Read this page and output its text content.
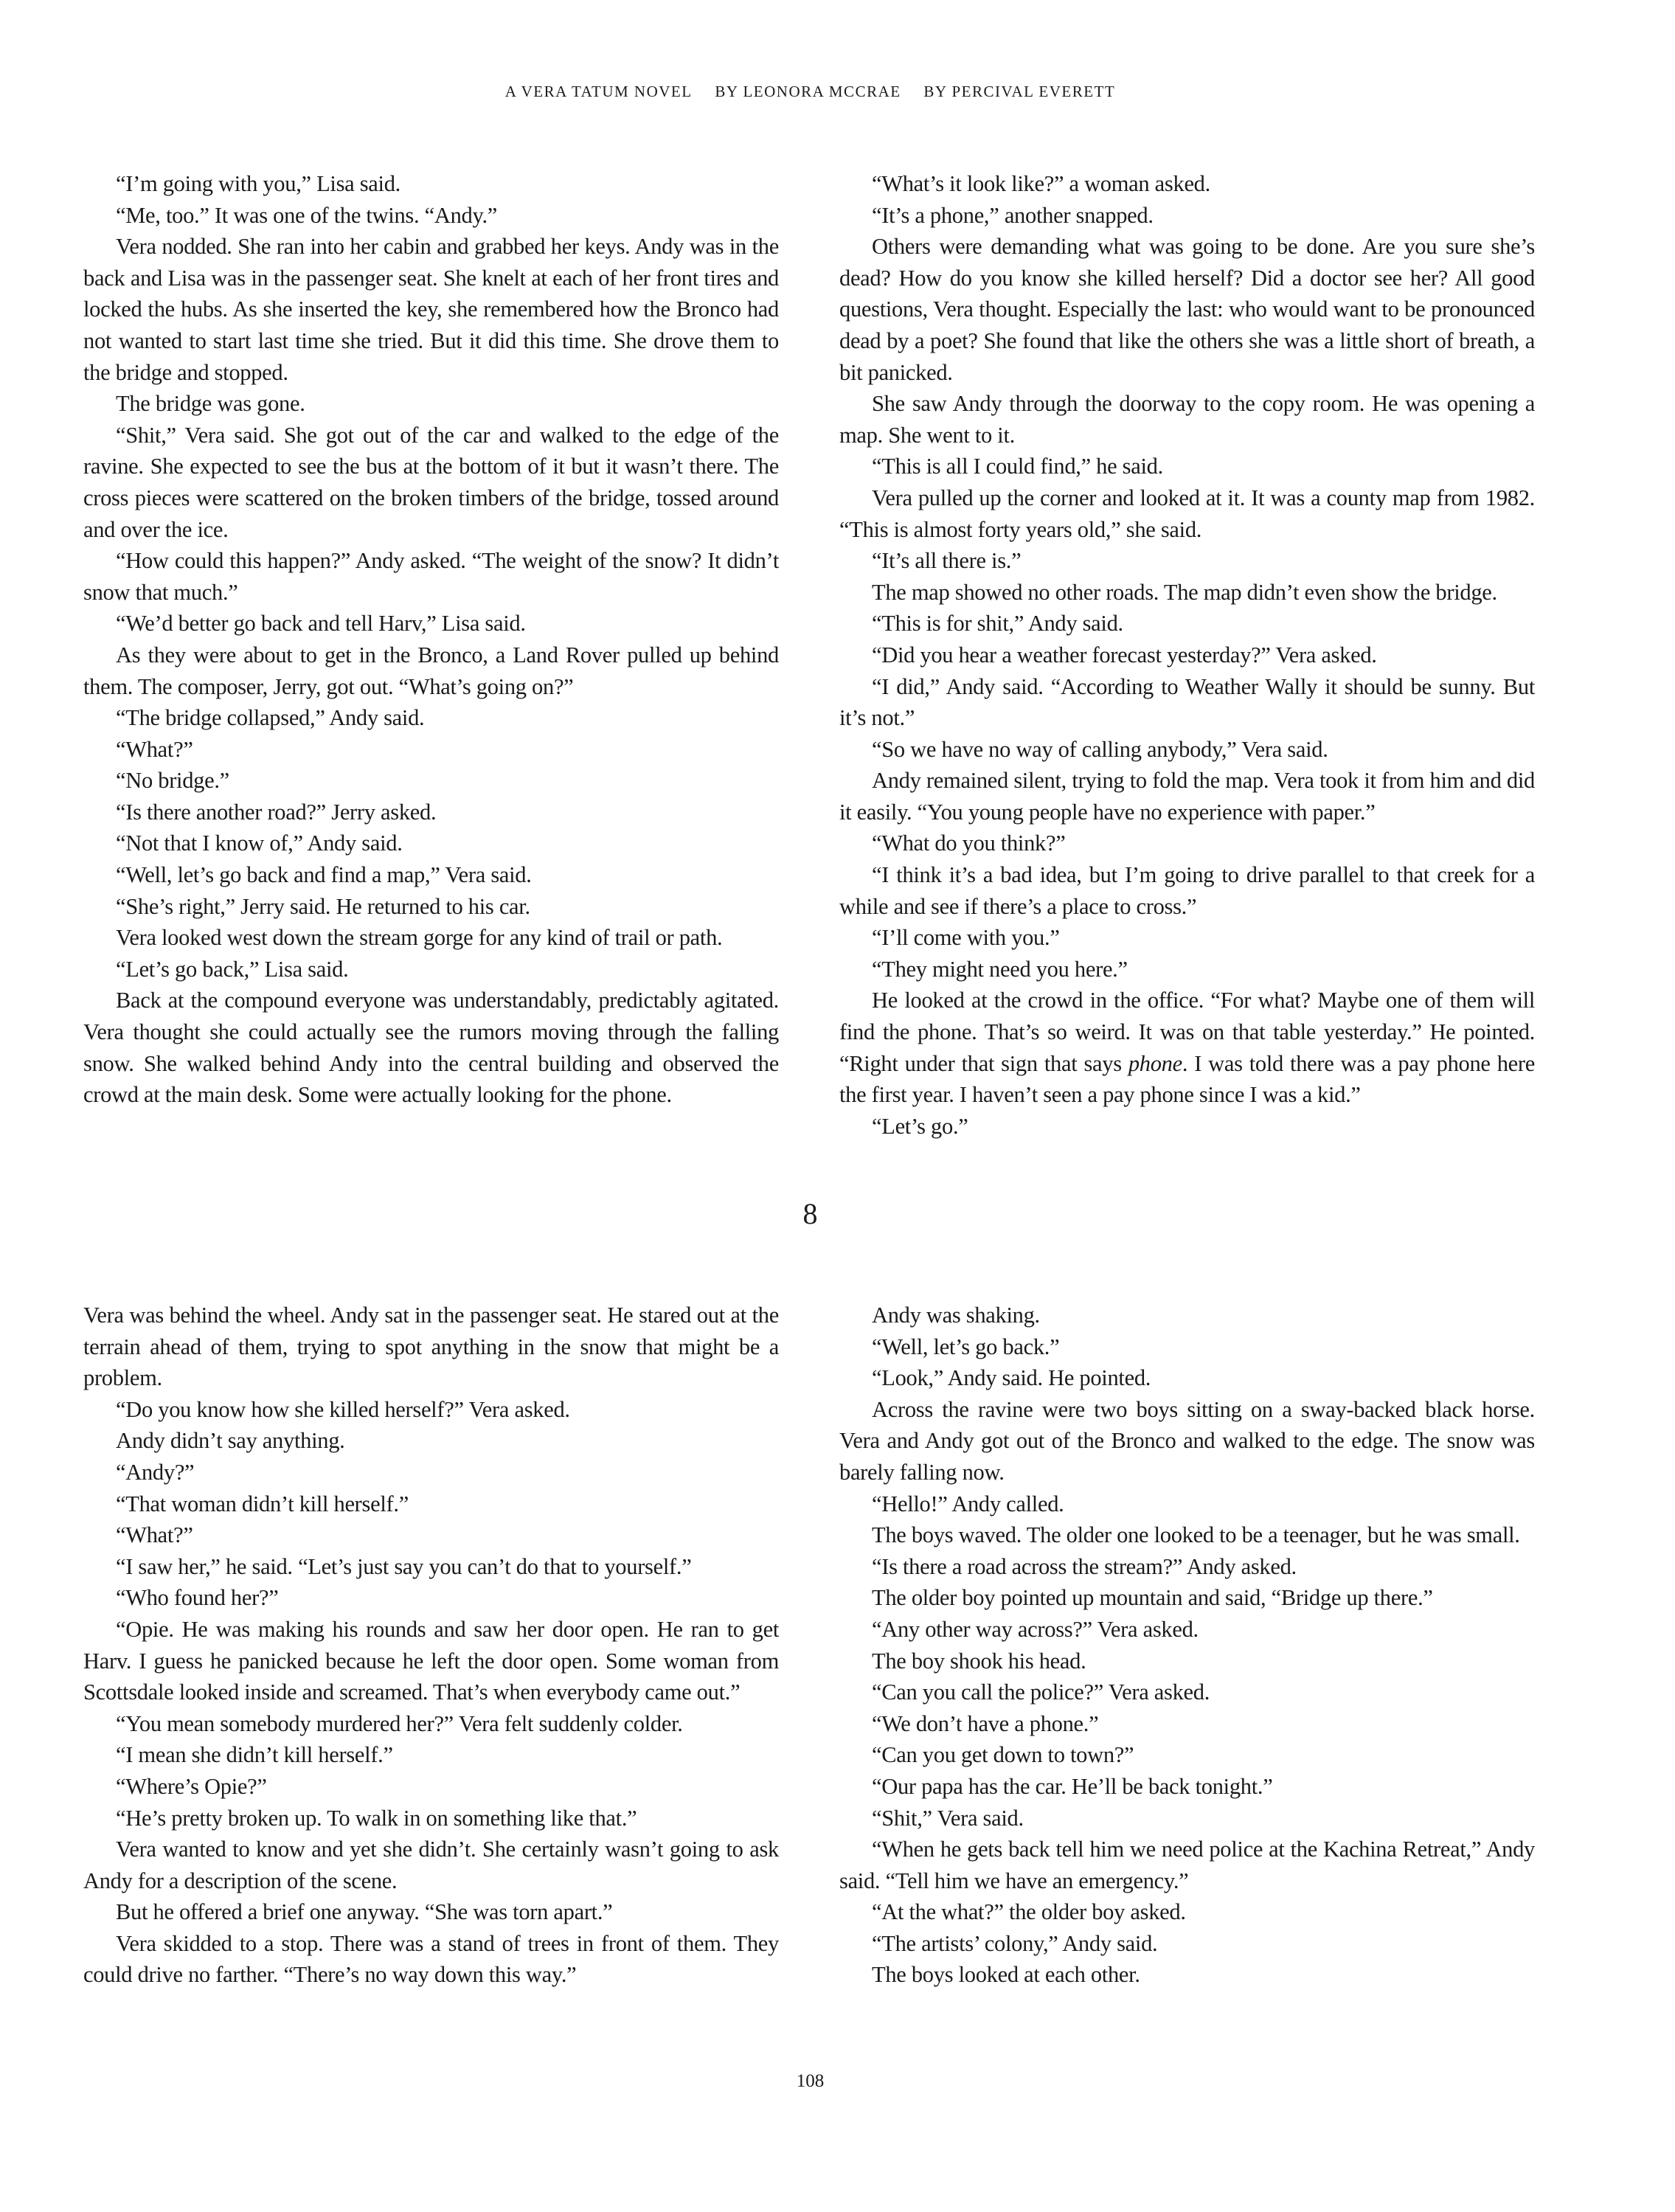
A VERA TATUM NOVEL BY LEONORA MCCRAE BY PERCIVAL EVERETT

“I’m going with you,” Lisa said.

“Me, too.” It was one of the twins. “Andy.”

Vera nodded. She ran into her cabin and grabbed her keys. Andy was in the back and Lisa was in the passenger seat. She knelt at each of her front tires and locked the hubs. As she inserted the key, she remembered how the Bronco had not wanted to start last time she tried. But it did this time. She drove them to the bridge and stopped.

The bridge was gone.

“Shit,” Vera said. She got out of the car and walked to the edge of the ravine. She expected to see the bus at the bottom of it but it wasn’t there. The cross pieces were scattered on the broken timbers of the bridge, tossed around and over the ice.

“How could this happen?” Andy asked. “The weight of the snow? It didn’t snow that much.”

“We’d better go back and tell Harv,” Lisa said.

As they were about to get in the Bronco, a Land Rover pulled up behind them. The composer, Jerry, got out. “What’s going on?”

“The bridge collapsed,” Andy said.

“What?”

“No bridge.”

“Is there another road?” Jerry asked.

“Not that I know of,” Andy said.

“Well, let’s go back and find a map,” Vera said.

“She’s right,” Jerry said. He returned to his car.

Vera looked west down the stream gorge for any kind of trail or path.

“Let’s go back,” Lisa said.

Back at the compound everyone was understandably, predictably agitated. Vera thought she could actually see the rumors moving through the falling snow. She walked behind Andy into the central building and observed the crowd at the main desk. Some were actually looking for the phone.

“What’s it look like?” a woman asked.

“It’s a phone,” another snapped.

Others were demanding what was going to be done. Are you sure she’s dead? How do you know she killed herself? Did a doctor see her? All good questions, Vera thought. Especially the last: who would want to be pronounced dead by a poet? She found that like the others she was a little short of breath, a bit panicked.

She saw Andy through the doorway to the copy room. He was opening a map. She went to it.

“This is all I could find,” he said.

Vera pulled up the corner and looked at it. It was a county map from 1982. “This is almost forty years old,” she said.

“It’s all there is.”

The map showed no other roads. The map didn’t even show the bridge.

“This is for shit,” Andy said.

“Did you hear a weather forecast yesterday?” Vera asked.

“I did,” Andy said. “According to Weather Wally it should be sunny. But it’s not.”

“So we have no way of calling anybody,” Vera said.

Andy remained silent, trying to fold the map. Vera took it from him and did it easily. “You young people have no experience with paper.”

“What do you think?”

“I think it’s a bad idea, but I’m going to drive parallel to that creek for a while and see if there’s a place to cross.”

“I’ll come with you.”

“They might need you here.”

He looked at the crowd in the office. “For what? Maybe one of them will find the phone. That’s so weird. It was on that table yesterday.” He pointed. “Right under that sign that says phone. I was told there was a pay phone here the first year. I haven’t seen a pay phone since I was a kid.”

“Let’s go.”

8

Vera was behind the wheel. Andy sat in the passenger seat. He stared out at the terrain ahead of them, trying to spot anything in the snow that might be a problem.

“Do you know how she killed herself?” Vera asked.

Andy didn’t say anything.

“Andy?”

“That woman didn’t kill herself.”

“What?”

“I saw her,” he said. “Let’s just say you can’t do that to yourself.”

“Who found her?”

“Opie. He was making his rounds and saw her door open. He ran to get Harv. I guess he panicked because he left the door open. Some woman from Scottsdale looked inside and screamed. That’s when everybody came out.”

“You mean somebody murdered her?” Vera felt suddenly colder.

“I mean she didn’t kill herself.”

“Where’s Opie?”

“He’s pretty broken up. To walk in on something like that.”

Vera wanted to know and yet she didn’t. She certainly wasn’t going to ask Andy for a description of the scene.

But he offered a brief one anyway. “She was torn apart.”

Vera skidded to a stop. There was a stand of trees in front of them. They could drive no farther. “There’s no way down this way.”

Andy was shaking.

“Well, let’s go back.”

“Look,” Andy said. He pointed.

Across the ravine were two boys sitting on a sway-backed black horse. Vera and Andy got out of the Bronco and walked to the edge. The snow was barely falling now.

“Hello!” Andy called.

The boys waved. The older one looked to be a teenager, but he was small.

“Is there a road across the stream?” Andy asked.

The older boy pointed up mountain and said, “Bridge up there.”

“Any other way across?” Vera asked.

The boy shook his head.

“Can you call the police?” Vera asked.

“We don’t have a phone.”

“Can you get down to town?”

“Our papa has the car. He’ll be back tonight.”

“Shit,” Vera said.

“When he gets back tell him we need police at the Kachina Retreat,” Andy said. “Tell him we have an emergency.”

“At the what?” the older boy asked.

“The artists’ colony,” Andy said.

The boys looked at each other.

108
